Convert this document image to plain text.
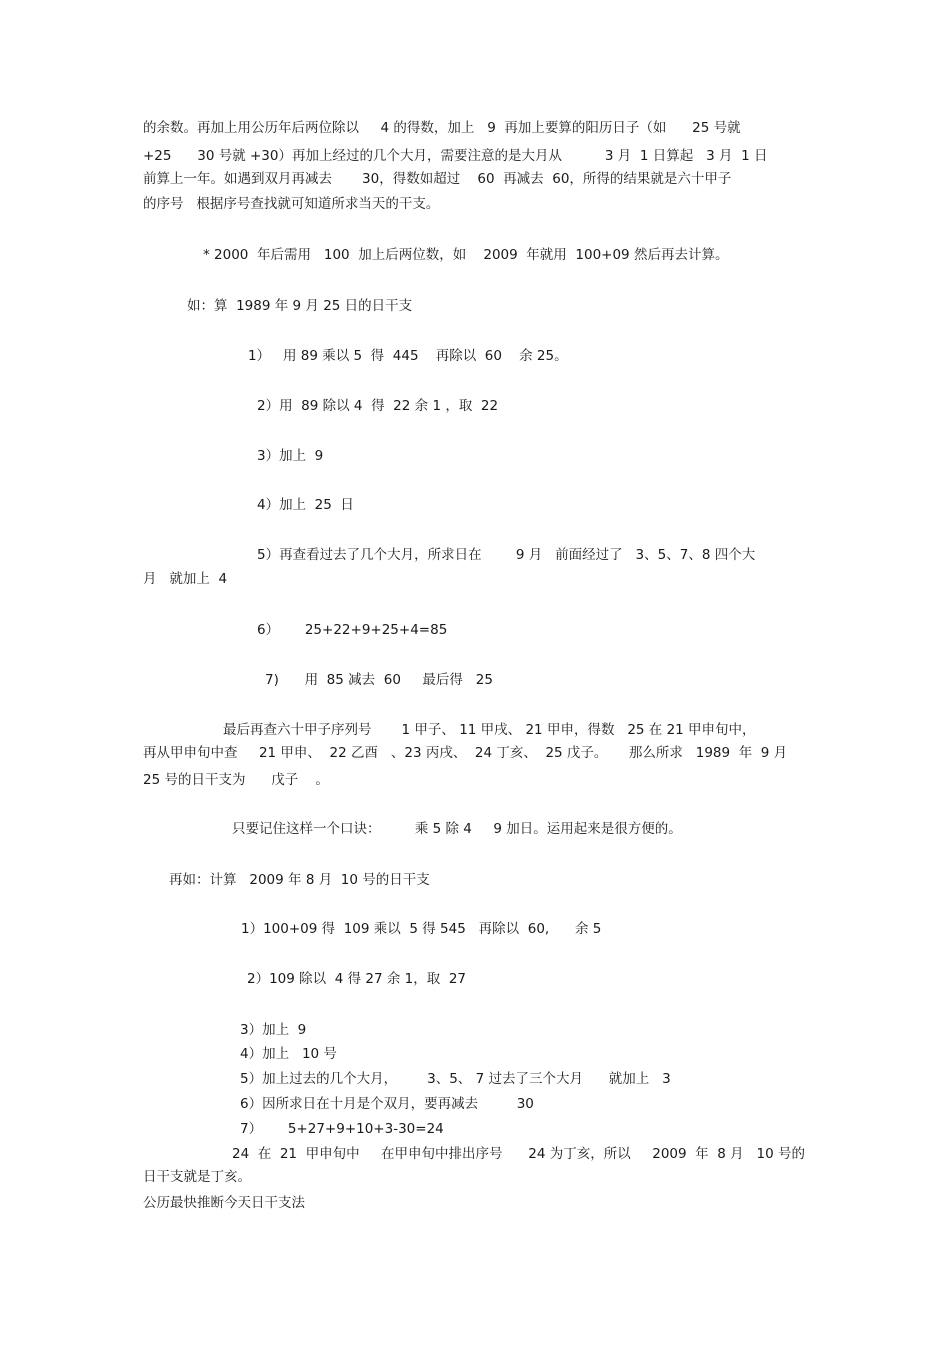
的余数。再加上用公历年后两位除以     4 的得数，加上   9  再加上要算的阳历日子（如      25 号就

+25      30 号就 +30）再加上经过的几个大月，需要注意的是大月从          3 月  1 日算起   3 月  1 日

前算上一年。如遇到双月再减去       30，得数如超过    60  再减去  60，所得的结果就是六十甲子

的序号   根据序号查找就可知道所求当天的干支。

* 2000  年后需用   100  加上后两位数，如    2009  年就用  100+09 然后再去计算。

如：算  1989 年 9 月 25 日的日干支

1）   用 89 乘以 5  得  445    再除以  60    余 25。

2）用  89 除以 4  得  22 余 1 ，取  22

3）加上  9

4）加上  25  日

5）再查看过去了几个大月，所求日在        9 月   前面经过了   3、5、7、8 四个大

月   就加上  4

6）      25+22+9+25+4=85

7)      用  85 减去  60     最后得   25

最后再查六十甲子序列号       1 甲子、 11 甲戌、 21 甲申，得数   25 在 21 甲申旬中，

再从甲申旬中查     21 甲申、  22 乙酉   、23 丙戌、  24 丁亥、  25 戊子。     那么所求   1989  年  9 月

25 号的日干支为      戊子    。

只要记住这样一个口诀：        乘 5 除 4     9 加日。运用起来是很方便的。

再如：计算   2009 年 8 月  10 号的日干支

1）100+09 得  109 乘以  5 得 545   再除以  60,      余 5

2）109 除以  4 得 27 余 1，取  27

3）加上  9

4）加上   10 号

5）加上过去的几个大月，       3、5、 7 过去了三个大月      就加上   3

6）因所求日在十月是个双月，要再减去         30

7）      5+27+9+10+3-30=24

24  在  21  甲申旬中     在甲申旬中排出序号      24 为丁亥，所以     2009  年  8 月   10 号的

日干支就是丁亥。

公历最快推断今天日干支法
